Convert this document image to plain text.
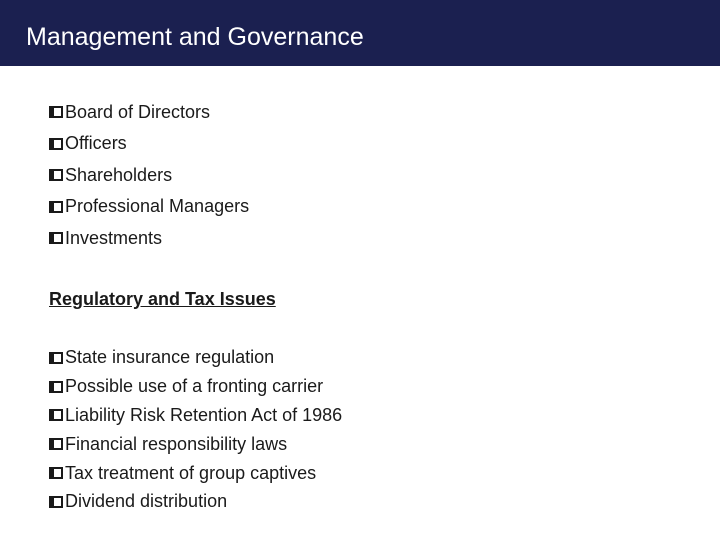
Management and Governance
Board of Directors
Officers
Shareholders
Professional Managers
Investments
Regulatory and Tax Issues
State insurance regulation
Possible use of a fronting carrier
Liability Risk Retention Act of 1986
Financial responsibility laws
Tax treatment of group captives
Dividend distribution
